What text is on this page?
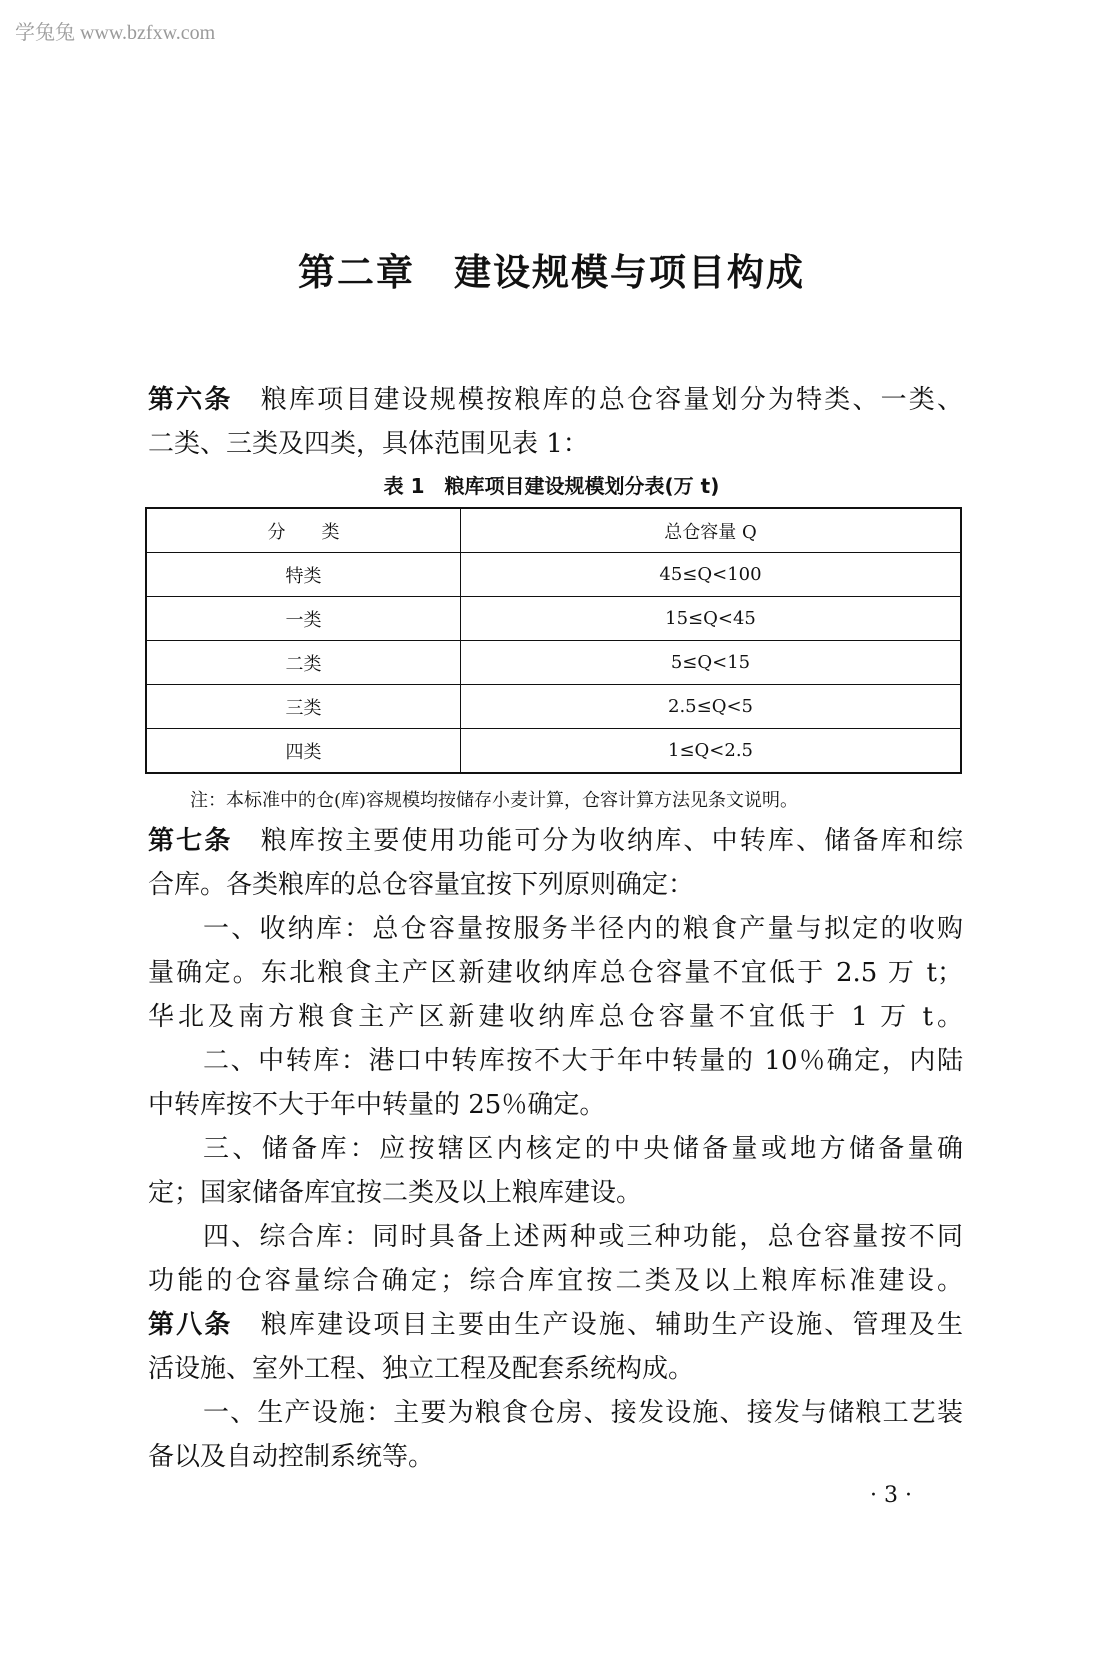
学兔兔 www.bzfxw.com
第二章　建设规模与项目构成
第六条　粮库项目建设规模按粮库的总仓容量划分为特类、一类、
二类、三类及四类，具体范围见表 1：
表 1　粮库项目建设规模划分表(万 t)
分　　类	总仓容量 Q
特类	45≤Q<100
一类	15≤Q<45
二类	5≤Q<15
三类	2.5≤Q<5
四类	1≤Q<2.5
注：本标准中的仓(库)容规模均按储存小麦计算，仓容计算方法见条文说明。
第七条　粮库按主要使用功能可分为收纳库、中转库、储备库和综
合库。各类粮库的总仓容量宜按下列原则确定：
一、收纳库：总仓容量按服务半径内的粮食产量与拟定的收购
量确定。东北粮食主产区新建收纳库总仓容量不宜低于 2.5 万 t；
华北及南方粮食主产区新建收纳库总仓容量不宜低于 1 万 t。
二、中转库：港口中转库按不大于年中转量的 10％确定，内陆
中转库按不大于年中转量的 25％确定。
三、储备库：应按辖区内核定的中央储备量或地方储备量确
定；国家储备库宜按二类及以上粮库建设。
四、综合库：同时具备上述两种或三种功能，总仓容量按不同
功能的仓容量综合确定；综合库宜按二类及以上粮库标准建设。
第八条　粮库建设项目主要由生产设施、辅助生产设施、管理及生
活设施、室外工程、独立工程及配套系统构成。
一、生产设施：主要为粮食仓房、接发设施、接发与储粮工艺装
备以及自动控制系统等。
· 3 ·
